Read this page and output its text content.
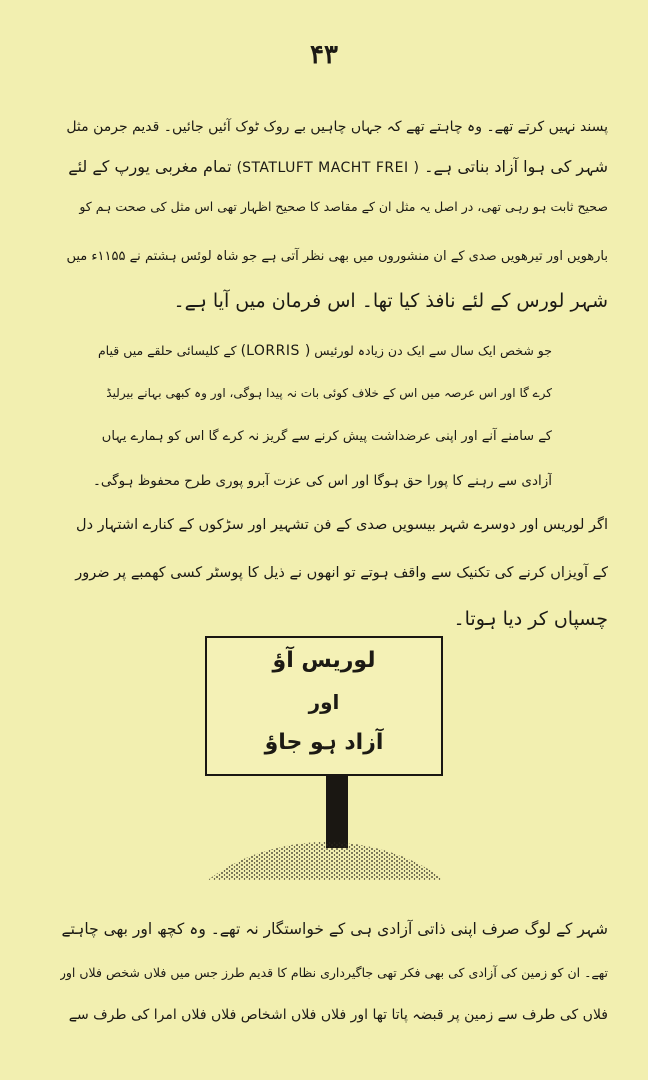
۴۳
پسند نہیں کرتے تھے۔ وہ چاہتے تھے کہ جہاں چاہیں بے روک ٹوک آئیں جائیں۔ قدیم جرمن مثل
شہر کی ہوا آزاد بناتی ہے۔ (STATLUFT MACHT FREI ) تمام مغربی یورپ کے لئے
صحیح ثابت ہو رہی تھی، در اصل یہ مثل ان کے مقاصد کا صحیح اظہار تھی اس مثل کی صحت ہم کو
بارھویں اور تیرھویں صدی کے ان منشوروں میں بھی نظر آتی ہے جو شاہ لوئس ہشتم نے ۱۱۵۵ء میں
شہر لورس کے لئے نافذ کیا تھا۔ اس فرمان میں آیا ہے۔
جو شخص ایک سال سے ایک دن زیادہ لورئیس (LORRIS ) کے کلیسائی حلقے میں قیام
کرے گا اور اس عرصہ میں اس کے خلاف کوئی بات نہ پیدا ہوگی، اور وہ کبھی بہانے بیرلیڈ
کے سامنے آنے اور اپنی عرضداشت پیش کرنے سے گریز نہ کرے گا اس کو ہمارے یہاں
آزادی سے رہنے کا پورا حق ہوگا اور اس کی عزت آبرو پوری طرح محفوظ ہوگی۔
اگر لوریس اور دوسرے شہر بیسویں صدی کے فن تشہیر اور سڑکوں کے کنارے اشتہار دل
کے آویزاں کرنے کی تکنیک سے واقف ہوتے تو انھوں نے ذیل کا پوسٹر کسی کھمبے پر ضرور
چسپاں کر دیا ہوتا۔
لوریس آؤ
اور
آزاد ہو جاؤ
شہر کے لوگ صرف اپنی ذاتی آزادی ہی کے خواستگار نہ تھے۔ وہ کچھ اور بھی چاہتے
تھے۔ ان کو زمین کی آزادی کی بھی فکر تھی جاگیرداری نظام کا قدیم طرز جس میں فلاں شخص فلاں اور
فلاں کی طرف سے زمین پر قبضہ پاتا تھا اور فلاں فلاں اشخاص فلاں فلاں امرا کی طرف سے
